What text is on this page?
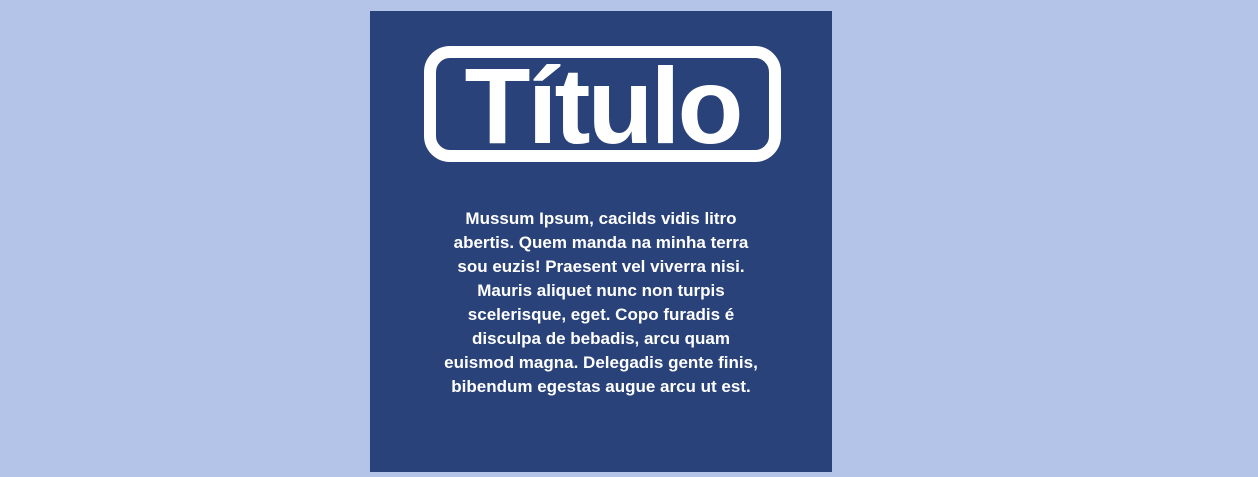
Título

Mussum Ipsum, cacilds vidis litro abertis. Quem manda na minha terra sou euzis! Praesent vel viverra nisi. Mauris aliquet nunc non turpis scelerisque, eget. Copo furadis é disculpa de bebadis, arcu quam euismod magna. Delegadis gente finis, bibendum egestas augue arcu ut est.
